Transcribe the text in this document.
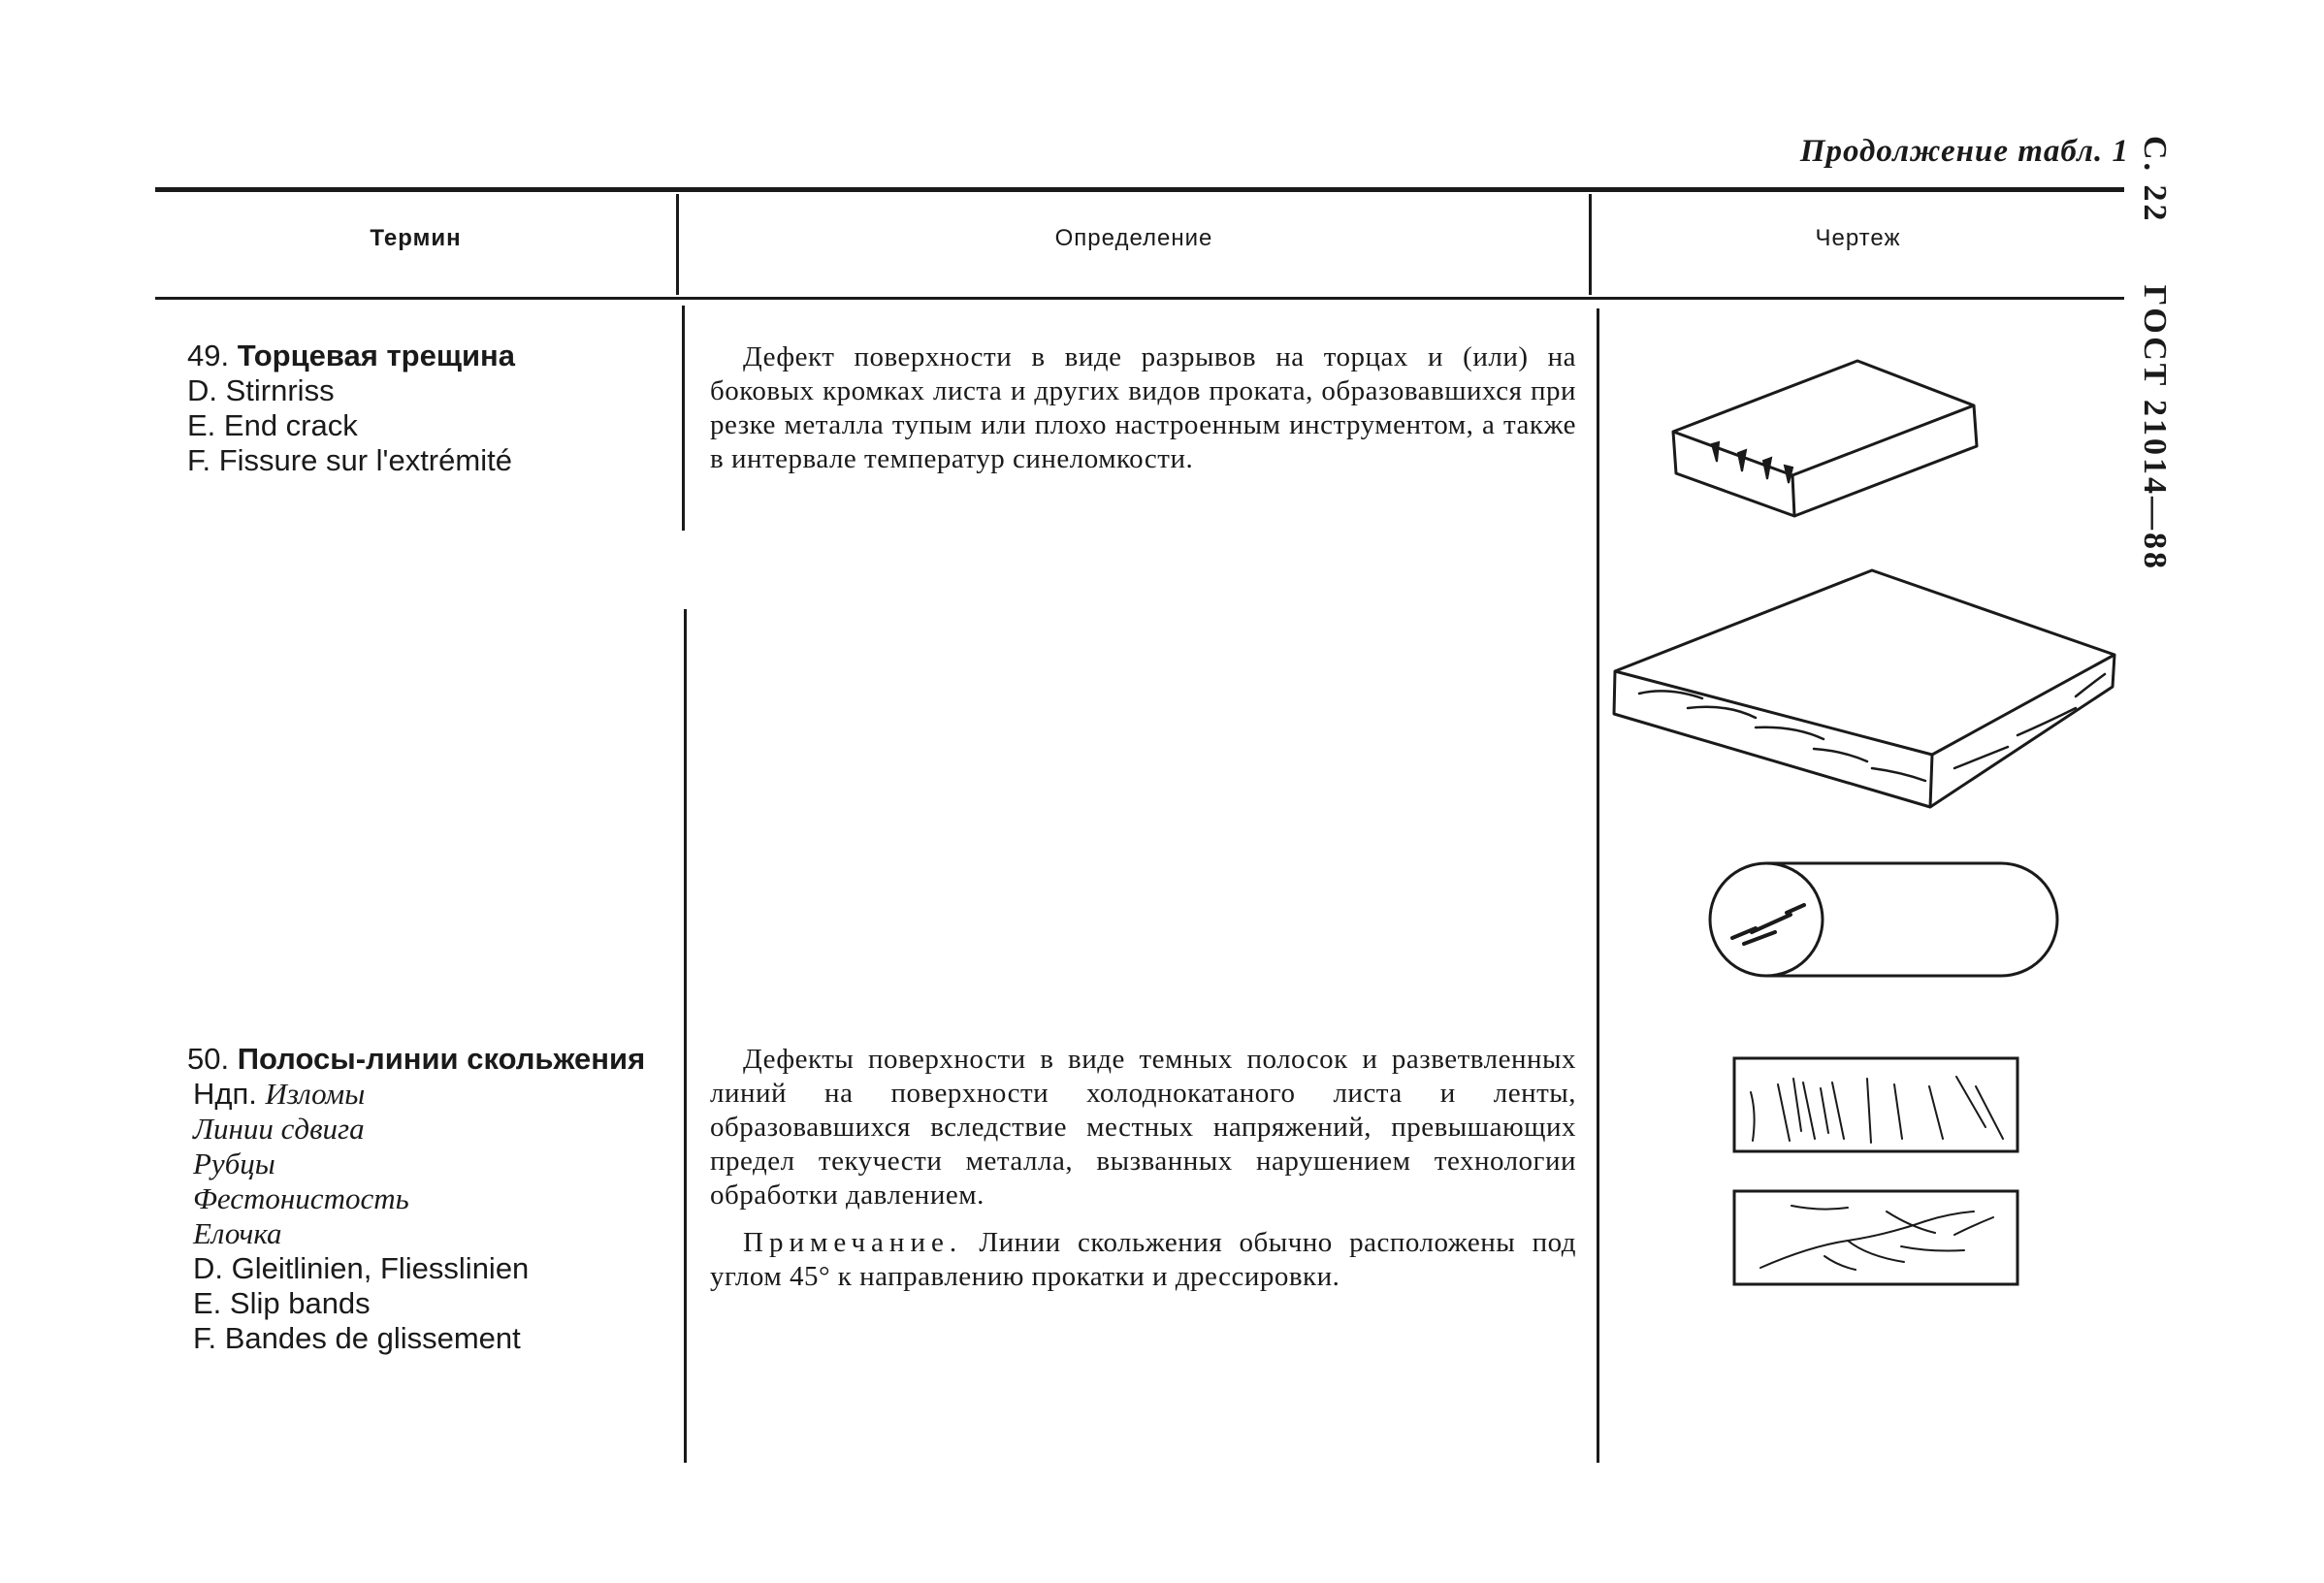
Продолжение табл. 1 С. 22  ГОСТ 21014—88
Термин	Определение	Чертеж
49. Торцевая трещина
D. Stirnriss
E. End crack
F. Fissure sur l'extrémité

Дефект поверхности в виде разрывов на торцах и (или) на боковых кромках листа и других видов проката, образовавшихся при резке металла тупым или плохо настроенным инструментом, а также в интервале температур синеломкости.

50. Полосы-линии скольжения
Ндп. Изломы
Линии сдвига
Рубцы
Фестонистость
Елочка
D. Gleitlinien, Fliesslinien
E. Slip bands
F. Bandes de glissement

Дефекты поверхности в виде темных полосок и разветвленных линий на поверхности холоднокатаного листа и ленты, образовавшихся вследствие местных напряжений, превышающих предел текучести металла, вызванных нарушением технологии обработки давлением.

Примечание. Линии скольжения обычно расположены под углом 45° к направлению прокатки и дрессировки.
